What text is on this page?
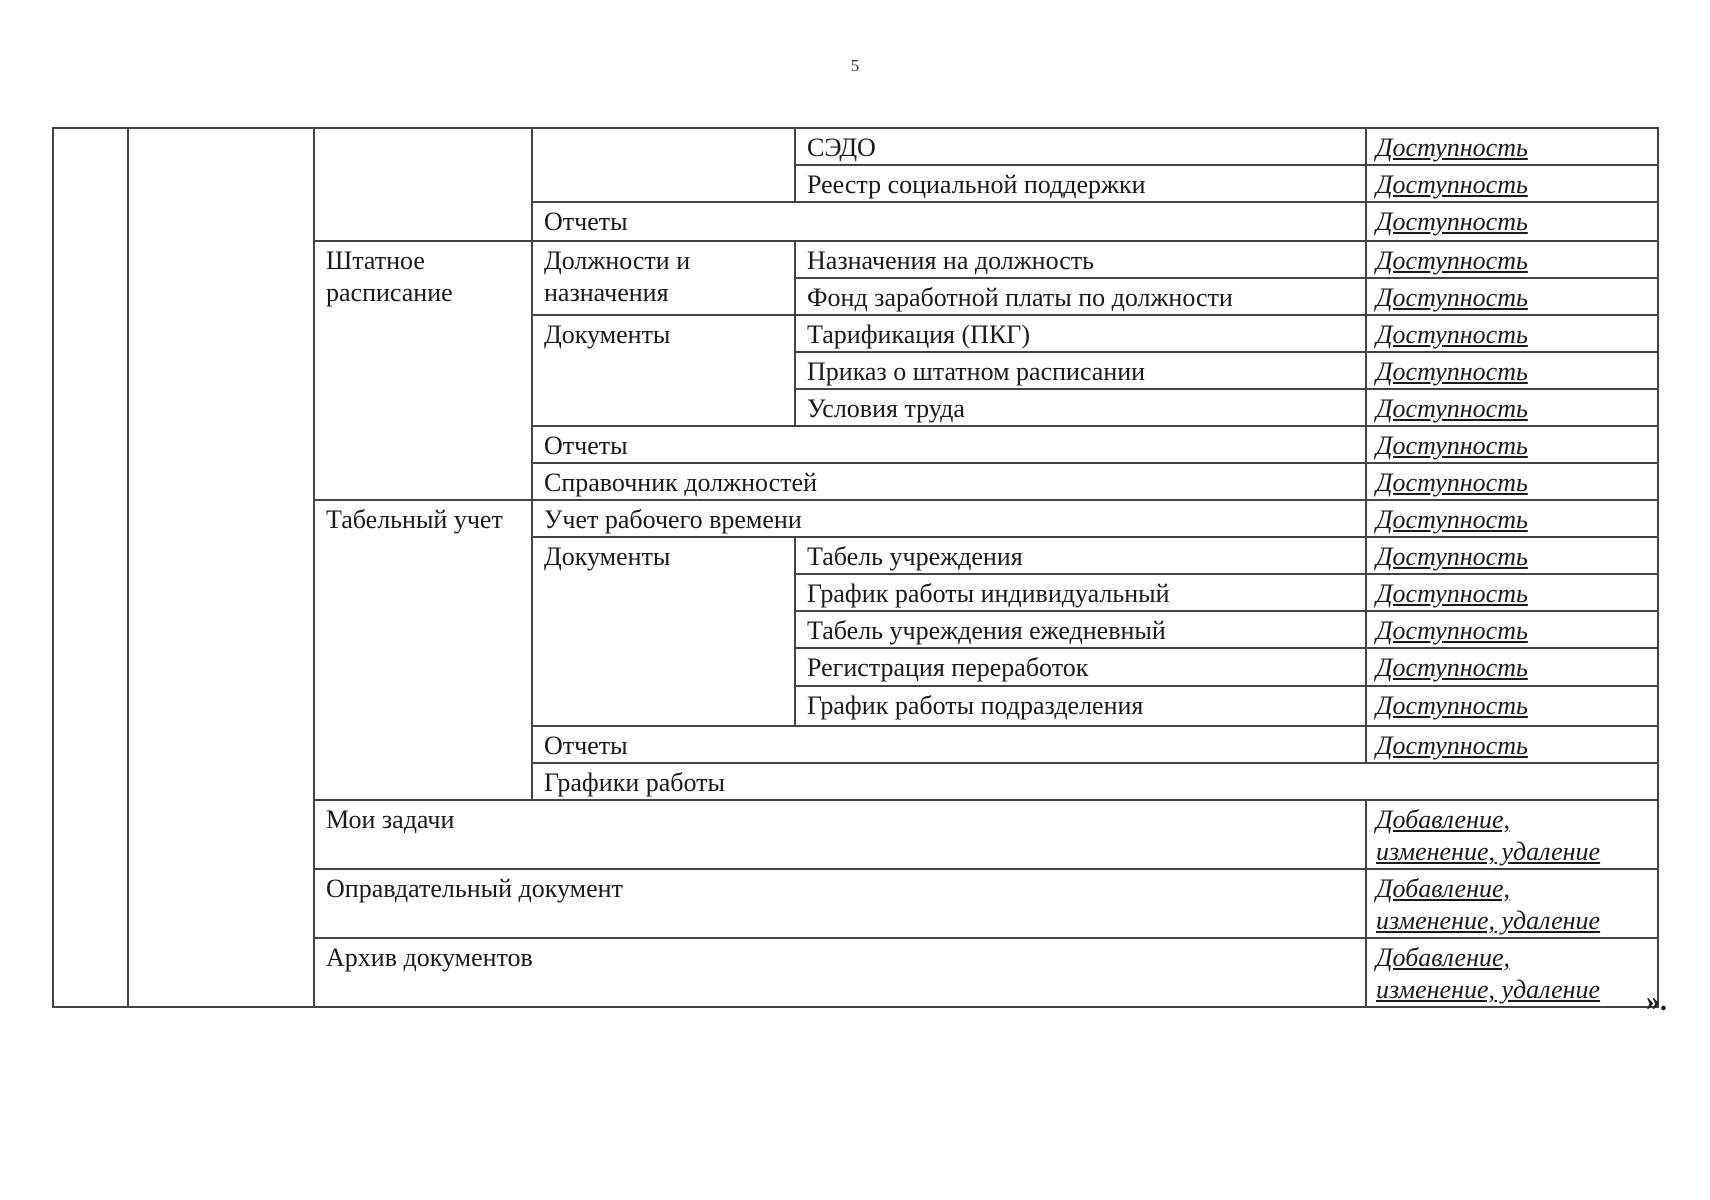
5
				СЭДО	Доступность	
				Реестр социальной поддержки	Доступность	
			Отчеты		Доступность	
		Штатное расписание	Должности и назначения	Назначения на должность	Доступность	
				Фонд заработной платы по должности	Доступность	
			Документы	Тарификация (ПКГ)	Доступность	
				Приказ о штатном расписании	Доступность	
				Условия труда	Доступность	
			Отчеты		Доступность	
			Справочник должностей		Доступность	
		Табельный учет	Учет рабочего времени		Доступность	
			Документы	Табель учреждения	Доступность	
				График работы индивидуальный	Доступность	
				Табель учреждения ежедневный	Доступность	
				Регистрация переработок	Доступность	
				График работы подразделения	Доступность	
			Отчеты		Доступность	
			Графики работы	
		Мои задачи			Добавление,
изменение, удаление	
		Оправдательный документ			Добавление,
изменение, удаление	
		Архив документов			Добавление,
изменение, удаление	».
